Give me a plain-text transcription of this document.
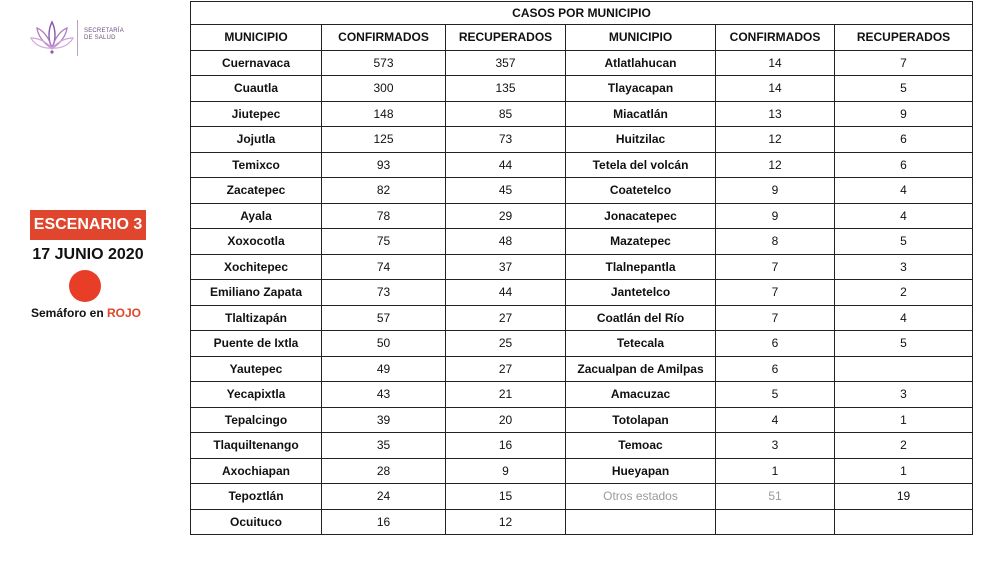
SECRETARÍA
DE SALUD
ESCENARIO 3
17 JUNIO 2020
Semáforo en ROJO
CASOS POR MUNICIPIO					
MUNICIPIO	CONFIRMADOS	RECUPERADOS	MUNICIPIO	CONFIRMADOS	RECUPERADOS
Cuernavaca	573	357	Atlatlahucan	14	7
Cuautla	300	135	Tlayacapan	14	5
Jiutepec	148	85	Miacatlán	13	9
Jojutla	125	73	Huitzilac	12	6
Temixco	93	44	Tetela del volcán	12	6
Zacatepec	82	45	Coatetelco	9	4
Ayala	78	29	Jonacatepec	9	4
Xoxocotla	75	48	Mazatepec	8	5
Xochitepec	74	37	Tlalnepantla	7	3
Emiliano Zapata	73	44	Jantetelco	7	2
Tlaltizapán	57	27	Coatlán del Río	7	4
Puente de Ixtla	50	25	Tetecala	6	5
Yautepec	49	27	Zacualpan de Amilpas	6	
Yecapixtla	43	21	Amacuzac	5	3
Tepalcingo	39	20	Totolapan	4	1
Tlaquiltenango	35	16	Temoac	3	2
Axochiapan	28	9	Hueyapan	1	1
Tepoztlán	24	15	Otros estados	51	19
Ocuituco	16	12			
